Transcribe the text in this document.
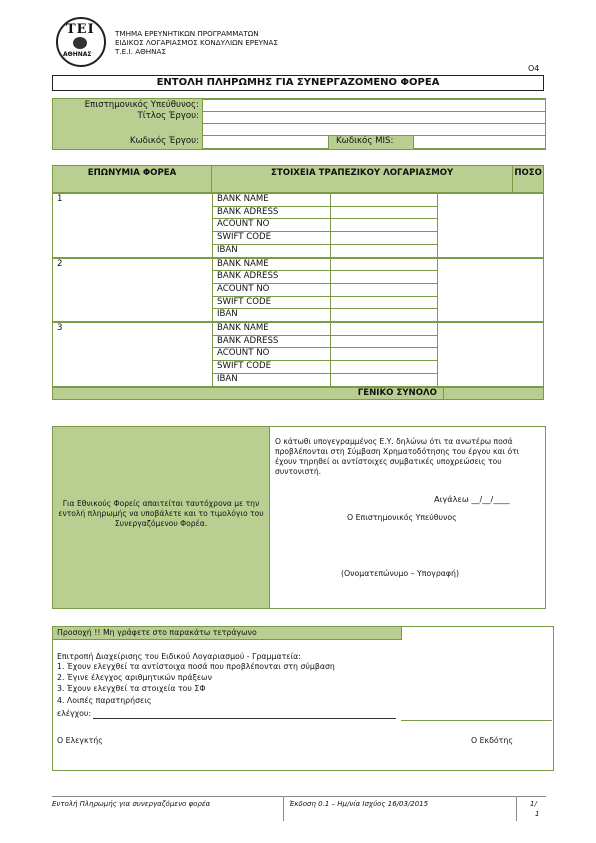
ΤΕΙ
ΑΘΗΝΑΣ
ΤΜΗΜΑ ΕΡΕΥΝΗΤΙΚΩΝ ΠΡΟΓΡΑΜΜΑΤΩΝ
ΕΙΔΙΚΟΣ ΛΟΓΑΡΙΑΣΜΟΣ ΚΟΝΔΥΛΙΩΝ ΕΡΕΥΝΑΣ
Τ.Ε.Ι. ΑΘΗΝΑΣ
O4
ΕΝΤΟΛΗ ΠΛΗΡΩΜΗΣ ΓΙΑ ΣΥΝΕΡΓΑΖΟΜΕΝΟ ΦΟΡΕΑ
Επιστημονικός Υπεύθυνος:
Τίτλος Έργου:
Κωδικός Έργου:	Κωδικός MIS:
ΕΠΩΝΥΜΙΑ ΦΟΡΕΑ	ΣΤΟΙΧΕΙΑ ΤΡΑΠΕΖΙΚΟΥ ΛΟΓΑΡΙΑΣΜΟΥ	ΠΟΣΟ
1	BANK NAME		
	BANK ADRESS		
	ACOUNT NO		
	SWIFT CODE		
	IBAN		
2	BANK NAME		
	BANK ADRESS		
	ACOUNT NO		
	SWIFT CODE		
	IBAN		
3	BANK NAME		
	BANK ADRESS		
	ACOUNT NO		
	SWIFT CODE		
	IBAN		
ΓΕΝΙΚΟ ΣΥΝΟΛΟ	
Για Εθνικούς Φορείς απαιτείται ταυτόχρονα με την εντολή πληρωμής να υποβάλετε και το τιμολόγιο του Συνεργαζόμενου Φορέα.
Ο κάτωθι υπογεγραμμένος Ε.Υ. δηλώνω ότι τα ανωτέρω ποσά προβλέπονται στη Σύμβαση Χρηματοδότησης του έργου και ότι έχουν τηρηθεί οι αντίστοιχες συμβατικές υποχρεώσεις του συντονιστή.
Αιγάλεω __/__/____
Ο Επιστημονικός Υπεύθυνος
(Ονοματεπώνυμο – Υπογραφή)
Προσοχή !! Μη γράφετε στο παρακάτω τετράγωνο
Επιτροπή Διαχείρισης του Ειδικού Λογαριασμού - Γραμματεία:
1. Έχουν ελεγχθεί τα αντίστοιχα ποσά που προβλέπονται στη σύμβαση
2. Έγινε έλεγχος αριθμητικών πράξεων
3. Έχουν ελεγχθεί τα στοιχεία του ΣΦ
4. Λοιπές παρατηρήσεις
ελέγχου:
Ο Ελεγκτής	Ο Εκδότης
Εντολή Πληρωμής για συνεργαζόμενο φορέα	Έκδοση 0.1 – Ημ/νία Ισχύος 16/03/2015	1/
1
